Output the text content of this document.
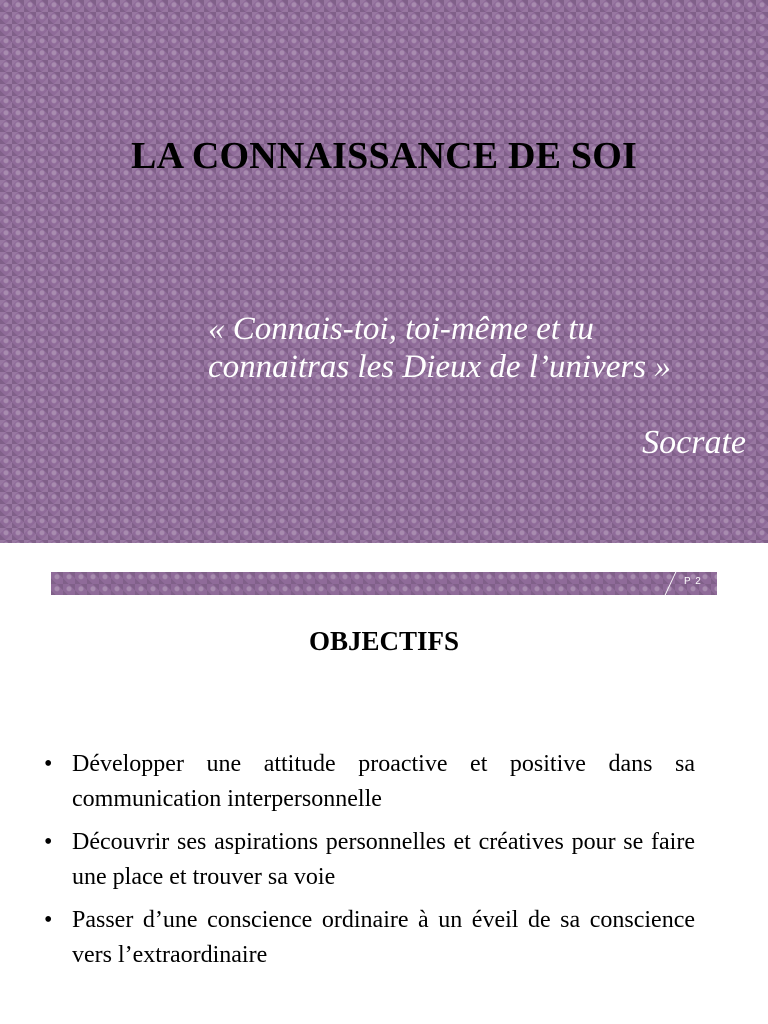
LA CONNAISSANCE DE SOI

« Connais-toi, toi-même et tu connaitras les Dieux de l’univers »

Socrate
P 2
OBJECTIFS
• Développer une attitude proactive et positive dans sa communication interpersonnelle
• Découvrir ses aspirations personnelles et créatives pour se faire une place et trouver sa voie
• Passer d’une conscience ordinaire à un éveil de sa conscience vers l’extraordinaire
